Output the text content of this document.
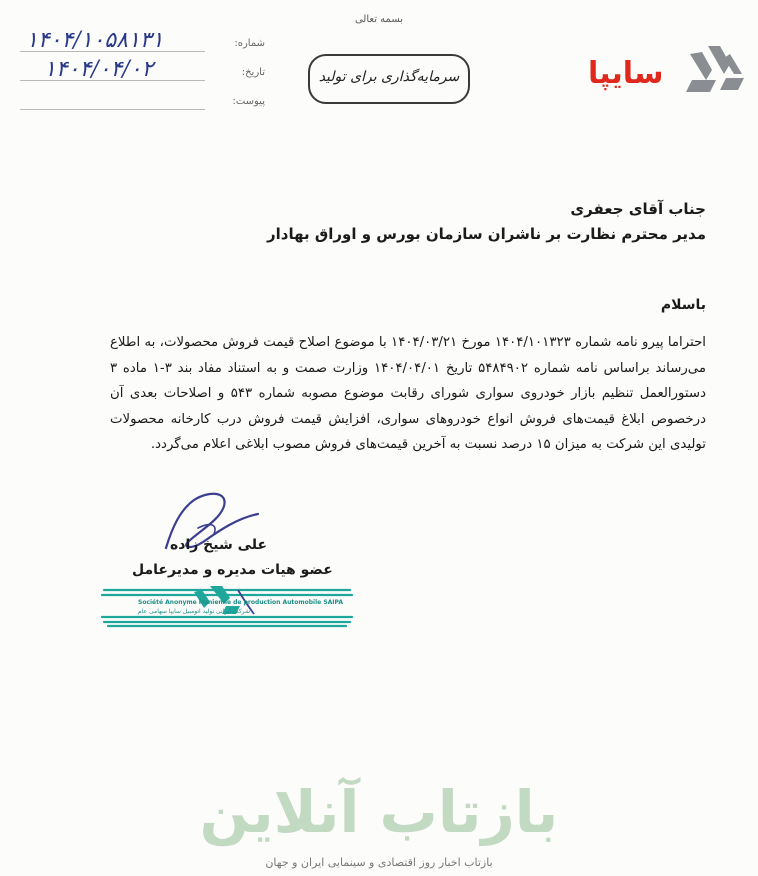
بسمه تعالی
شماره:
۱۴۰۴/۱۰۵۸۱۳۱
تاریخ:
۱۴۰۴/۰۴/۰۲
پیوست:
سرمایه‌گذاری برای تولید	سایپا
جناب آقای جعفری
مدیر محترم نظارت بر ناشران سازمان بورس و اوراق بهادار
باسلام
احتراما پیرو نامه شماره ۱۴۰۴/۱۰۱۳۲۳ مورخ ۱۴۰۴/۰۳/۲۱ با موضوع اصلاح قیمت فروش محصولات، به اطلاع می‌رساند براساس نامه شماره ۵۴۸۴۹۰۲ تاریخ ۱۴۰۴/۰۴/۰۱ وزارت صمت و به استناد مفاد بند ۳-۱ ماده ۳ دستورالعمل تنظیم بازار خودروی سواری شورای رقابت موضوع مصوبه شماره ۵۴۳ و اصلاحات بعدی آن درخصوص ابلاغ قیمت‌های فروش انواع خودروهای سواری، افزایش قیمت فروش درب کارخانه محصولات تولیدی این شرکت به میزان ۱۵ درصد نسبت به آخرین قیمت‌های فروش مصوب ابلاغی اعلام می‌گردد.
علی شیخ زاده
عضو هیات مدیره و مدیرعامل
Société Anonyme Iranienne de production Automobile SAIPA
شرکت ایرانی تولید اتومبیل سایپا سهامی عام
بازتاب آنلاین
بازتاب اخبار روز اقتصادی و سینمایی ایران و جهان
